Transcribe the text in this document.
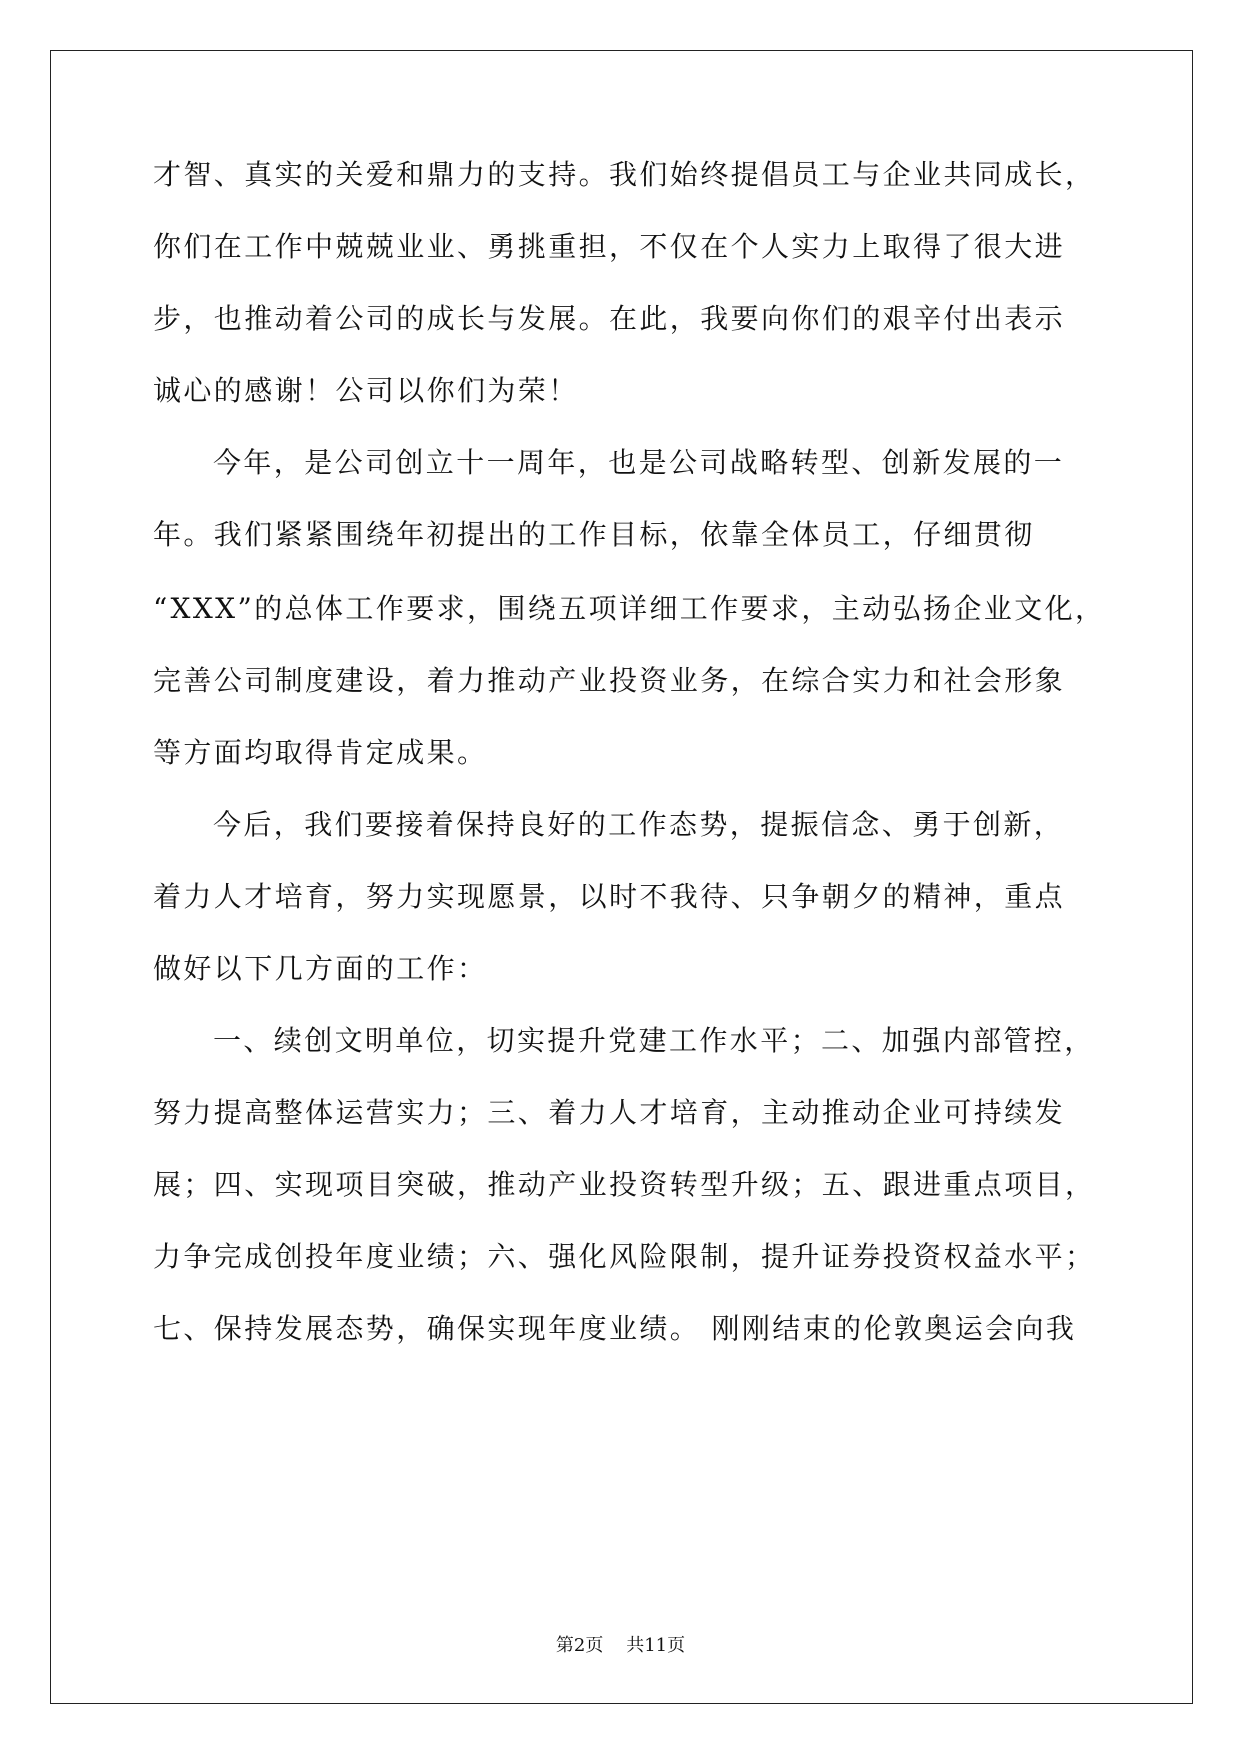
才智、真实的关爱和鼎力的支持。我们始终提倡员工与企业共同成长，
你们在工作中兢兢业业、勇挑重担，不仅在个人实力上取得了很大进
步，也推动着公司的成长与发展。在此，我要向你们的艰辛付出表示
诚心的感谢！公司以你们为荣！
今年，是公司创立十一周年，也是公司战略转型、创新发展的一
年。我们紧紧围绕年初提出的工作目标，依靠全体员工，仔细贯彻
“XXX”的总体工作要求，围绕五项详细工作要求，主动弘扬企业文化，
完善公司制度建设，着力推动产业投资业务，在综合实力和社会形象
等方面均取得肯定成果。
今后，我们要接着保持良好的工作态势，提振信念、勇于创新，
着力人才培育，努力实现愿景，以时不我待、只争朝夕的精神，重点
做好以下几方面的工作：
一、续创文明单位，切实提升党建工作水平；二、加强内部管控，
努力提高整体运营实力；三、着力人才培育，主动推动企业可持续发
展；四、实现项目突破，推动产业投资转型升级；五、跟进重点项目，
力争完成创投年度业绩；六、强化风险限制，提升证券投资权益水平；
七、保持发展态势，确保实现年度业绩。 刚刚结束的伦敦奥运会向我
第2页 共11页
